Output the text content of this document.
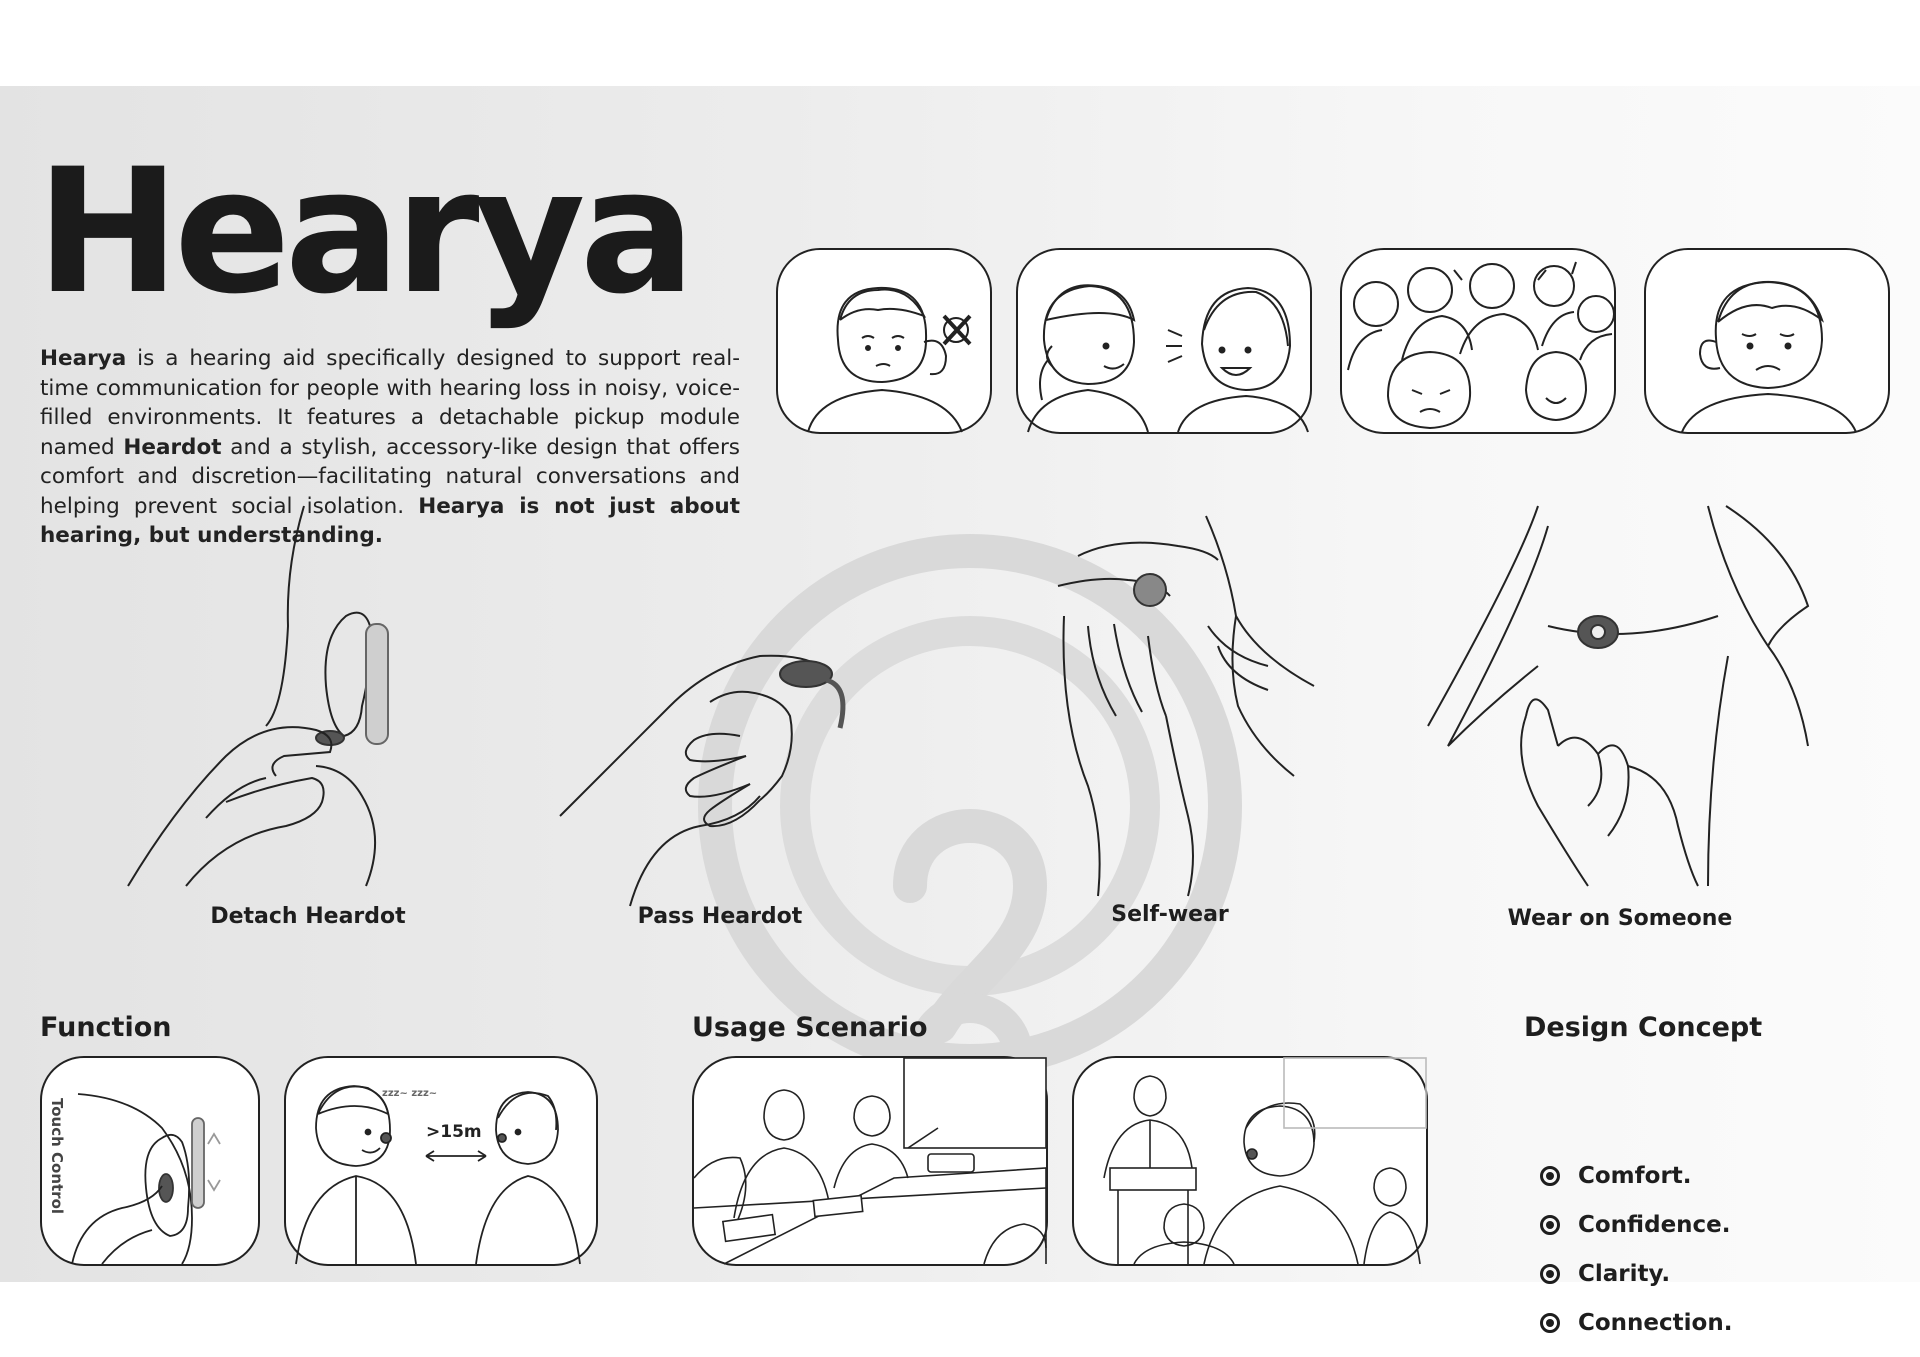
Hearya

Hearya is a hearing aid specifically designed to support real-time communication for people with hearing loss in noisy, voice-filled environments. It features a detachable pickup module named Heardot and a stylish, accessory-like design that offers comfort and discretion—facilitating natural conversations and helping prevent social isolation. Hearya is not just about hearing, but understanding.

Detach Heardot	Pass Heardot	Self-wear	Wear on Someone
Function
Touch Control	>15m
zzz~ zzz~
Usage Scenario	Design Concept
Comfort.
Confidence.
Clarity.
Connection.
